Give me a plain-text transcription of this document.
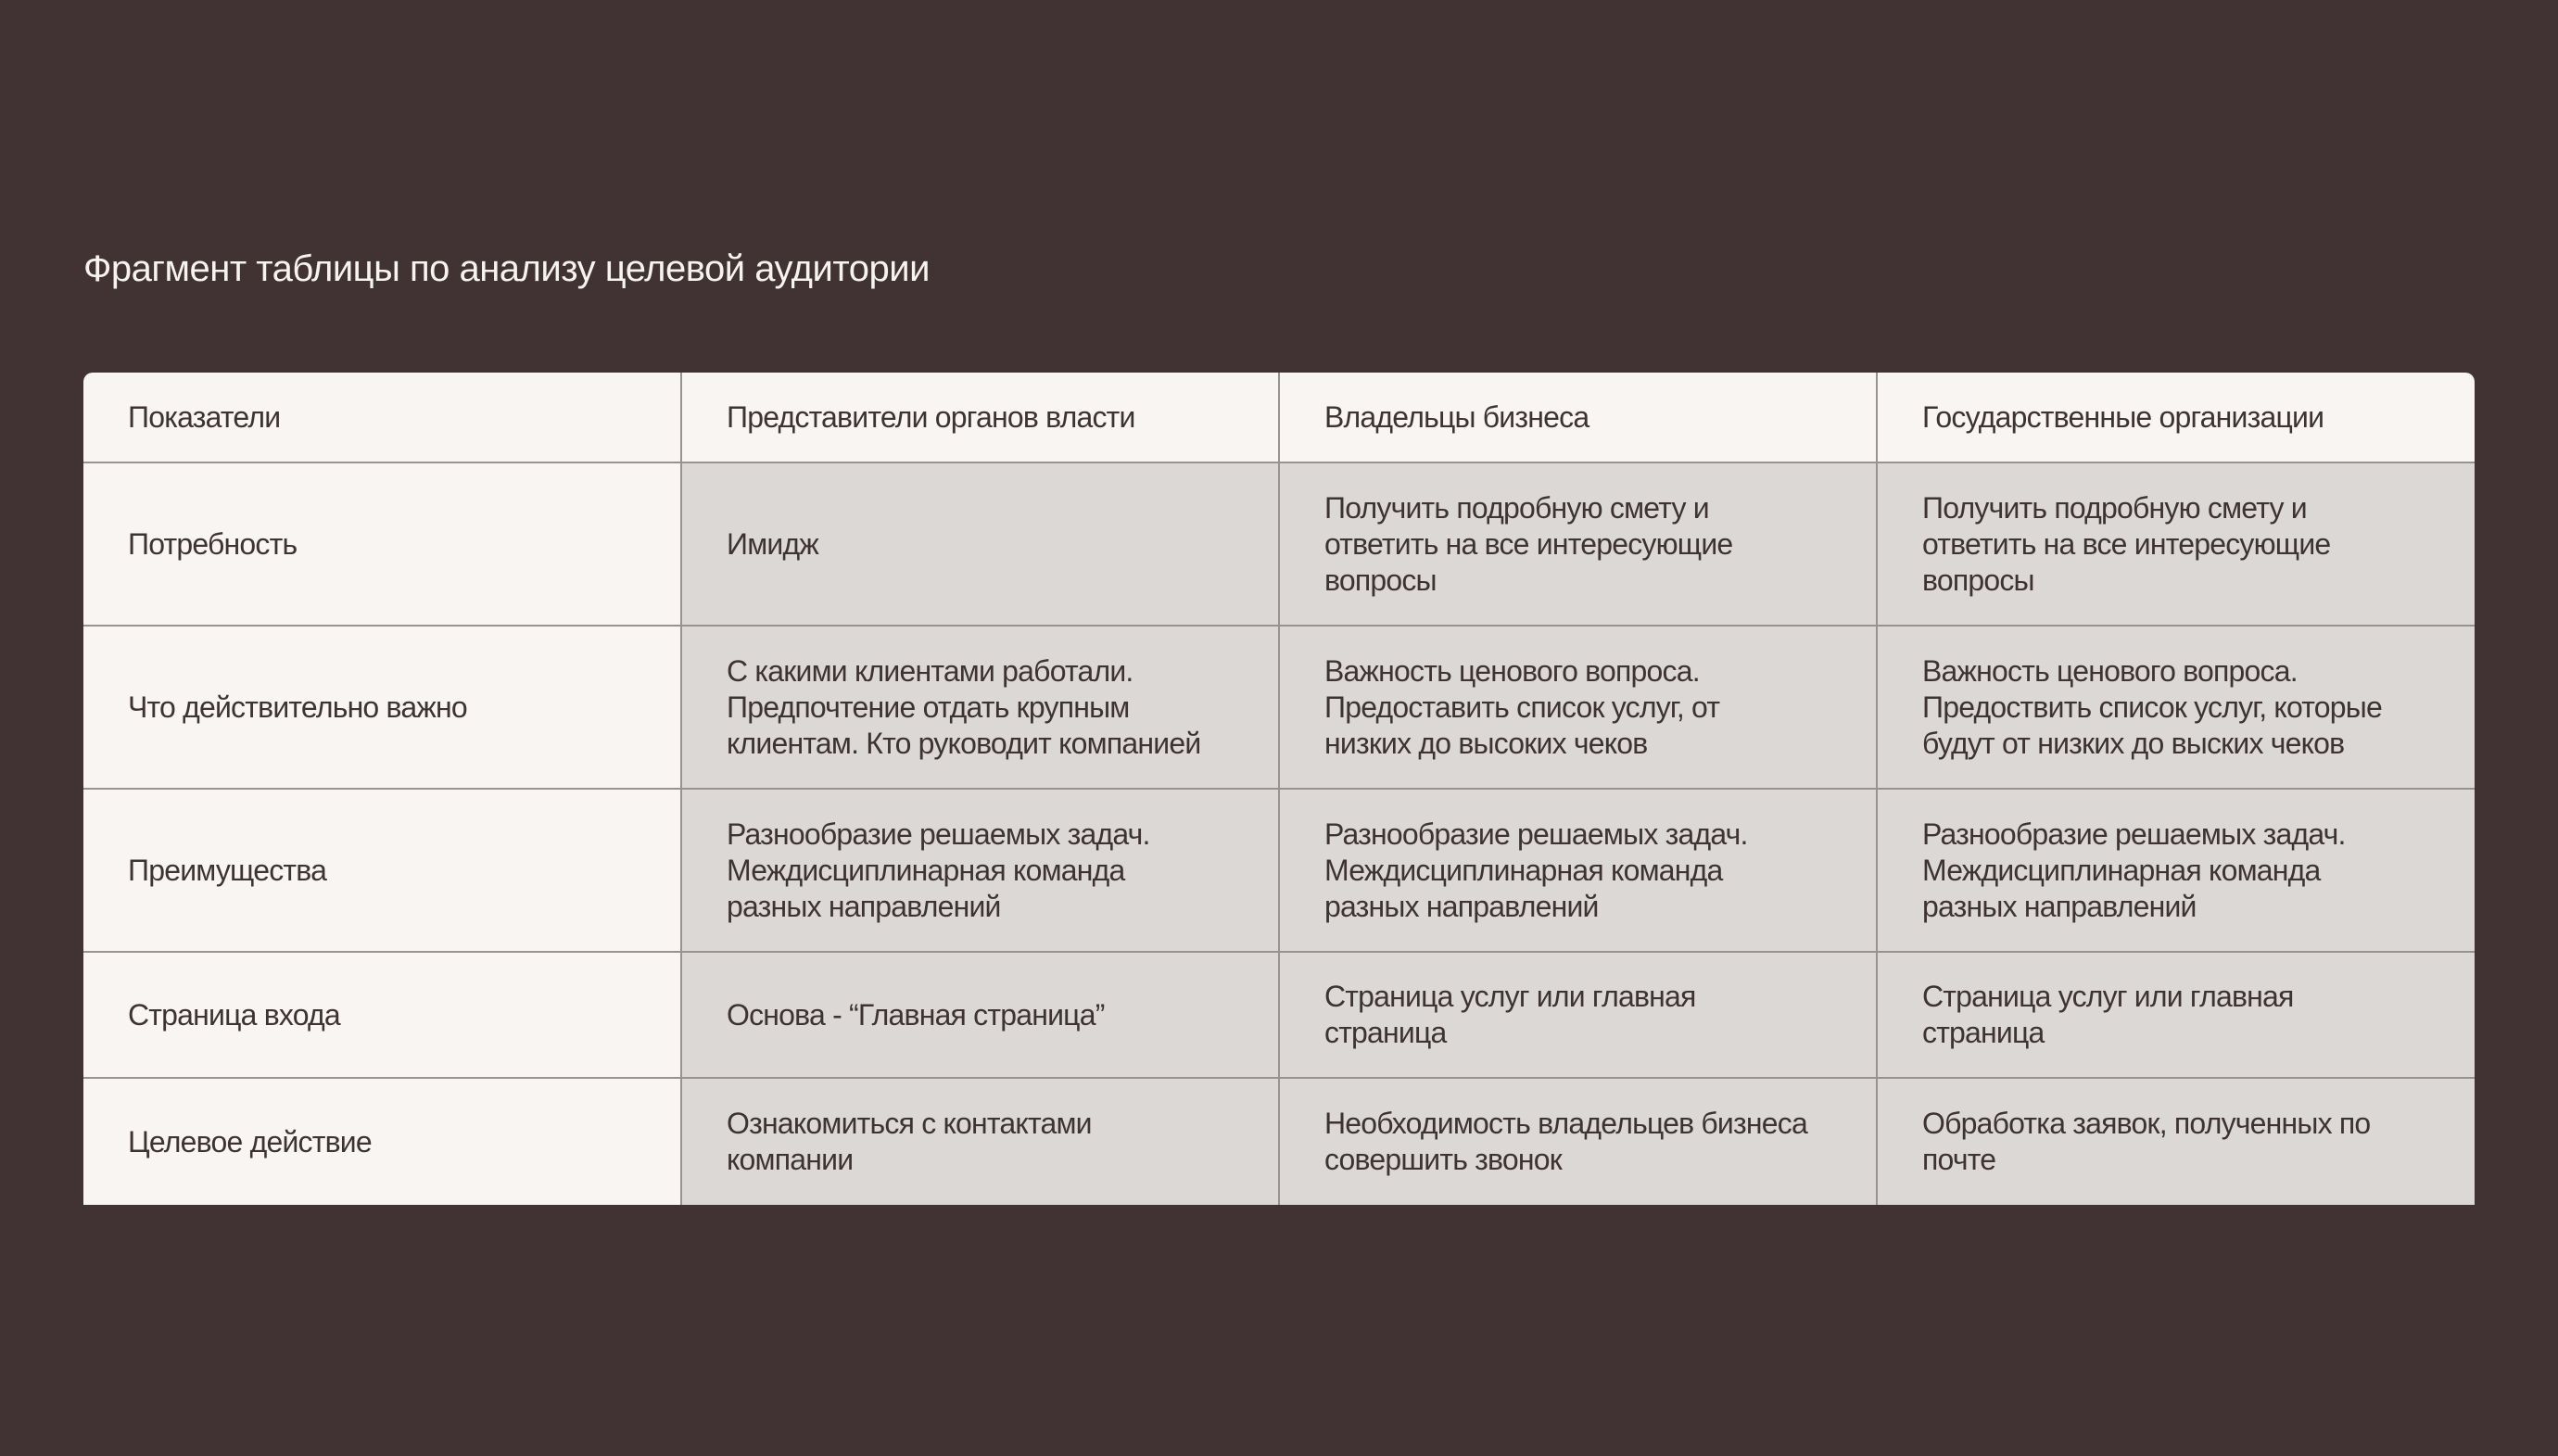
Фрагмент таблицы по анализу целевой аудитории
Показатели	Представители органов власти	Владельцы бизнеса	Государственные организации
Потребность	Имидж	Получить подробную смету и
ответить на все интересующие
вопросы	Получить подробную смету и
ответить на все интересующие
вопросы
Что действительно важно	С какими клиентами работали.
Предпочтение отдать крупным
клиентам. Кто руководит компанией	Важность ценового вопроса.
Предоставить список услуг, от
низких до высоких чеков	Важность ценового вопроса.
Предоствить список услуг, которые
будут от низких до выских чеков
Преимущества	Разнообразие решаемых задач.
Междисциплинарная команда
разных направлений	Разнообразие решаемых задач.
Междисциплинарная команда
разных направлений	Разнообразие решаемых задач.
Междисциплинарная команда
разных направлений
Страница входа	Основа - “Главная страница”	Страница услуг или главная
страница	Страница услуг или главная
страница
Целевое действие	Ознакомиться с контактами
компании	Необходимость владельцев бизнеса
совершить звонок	Обработка заявок, полученных по
почте
